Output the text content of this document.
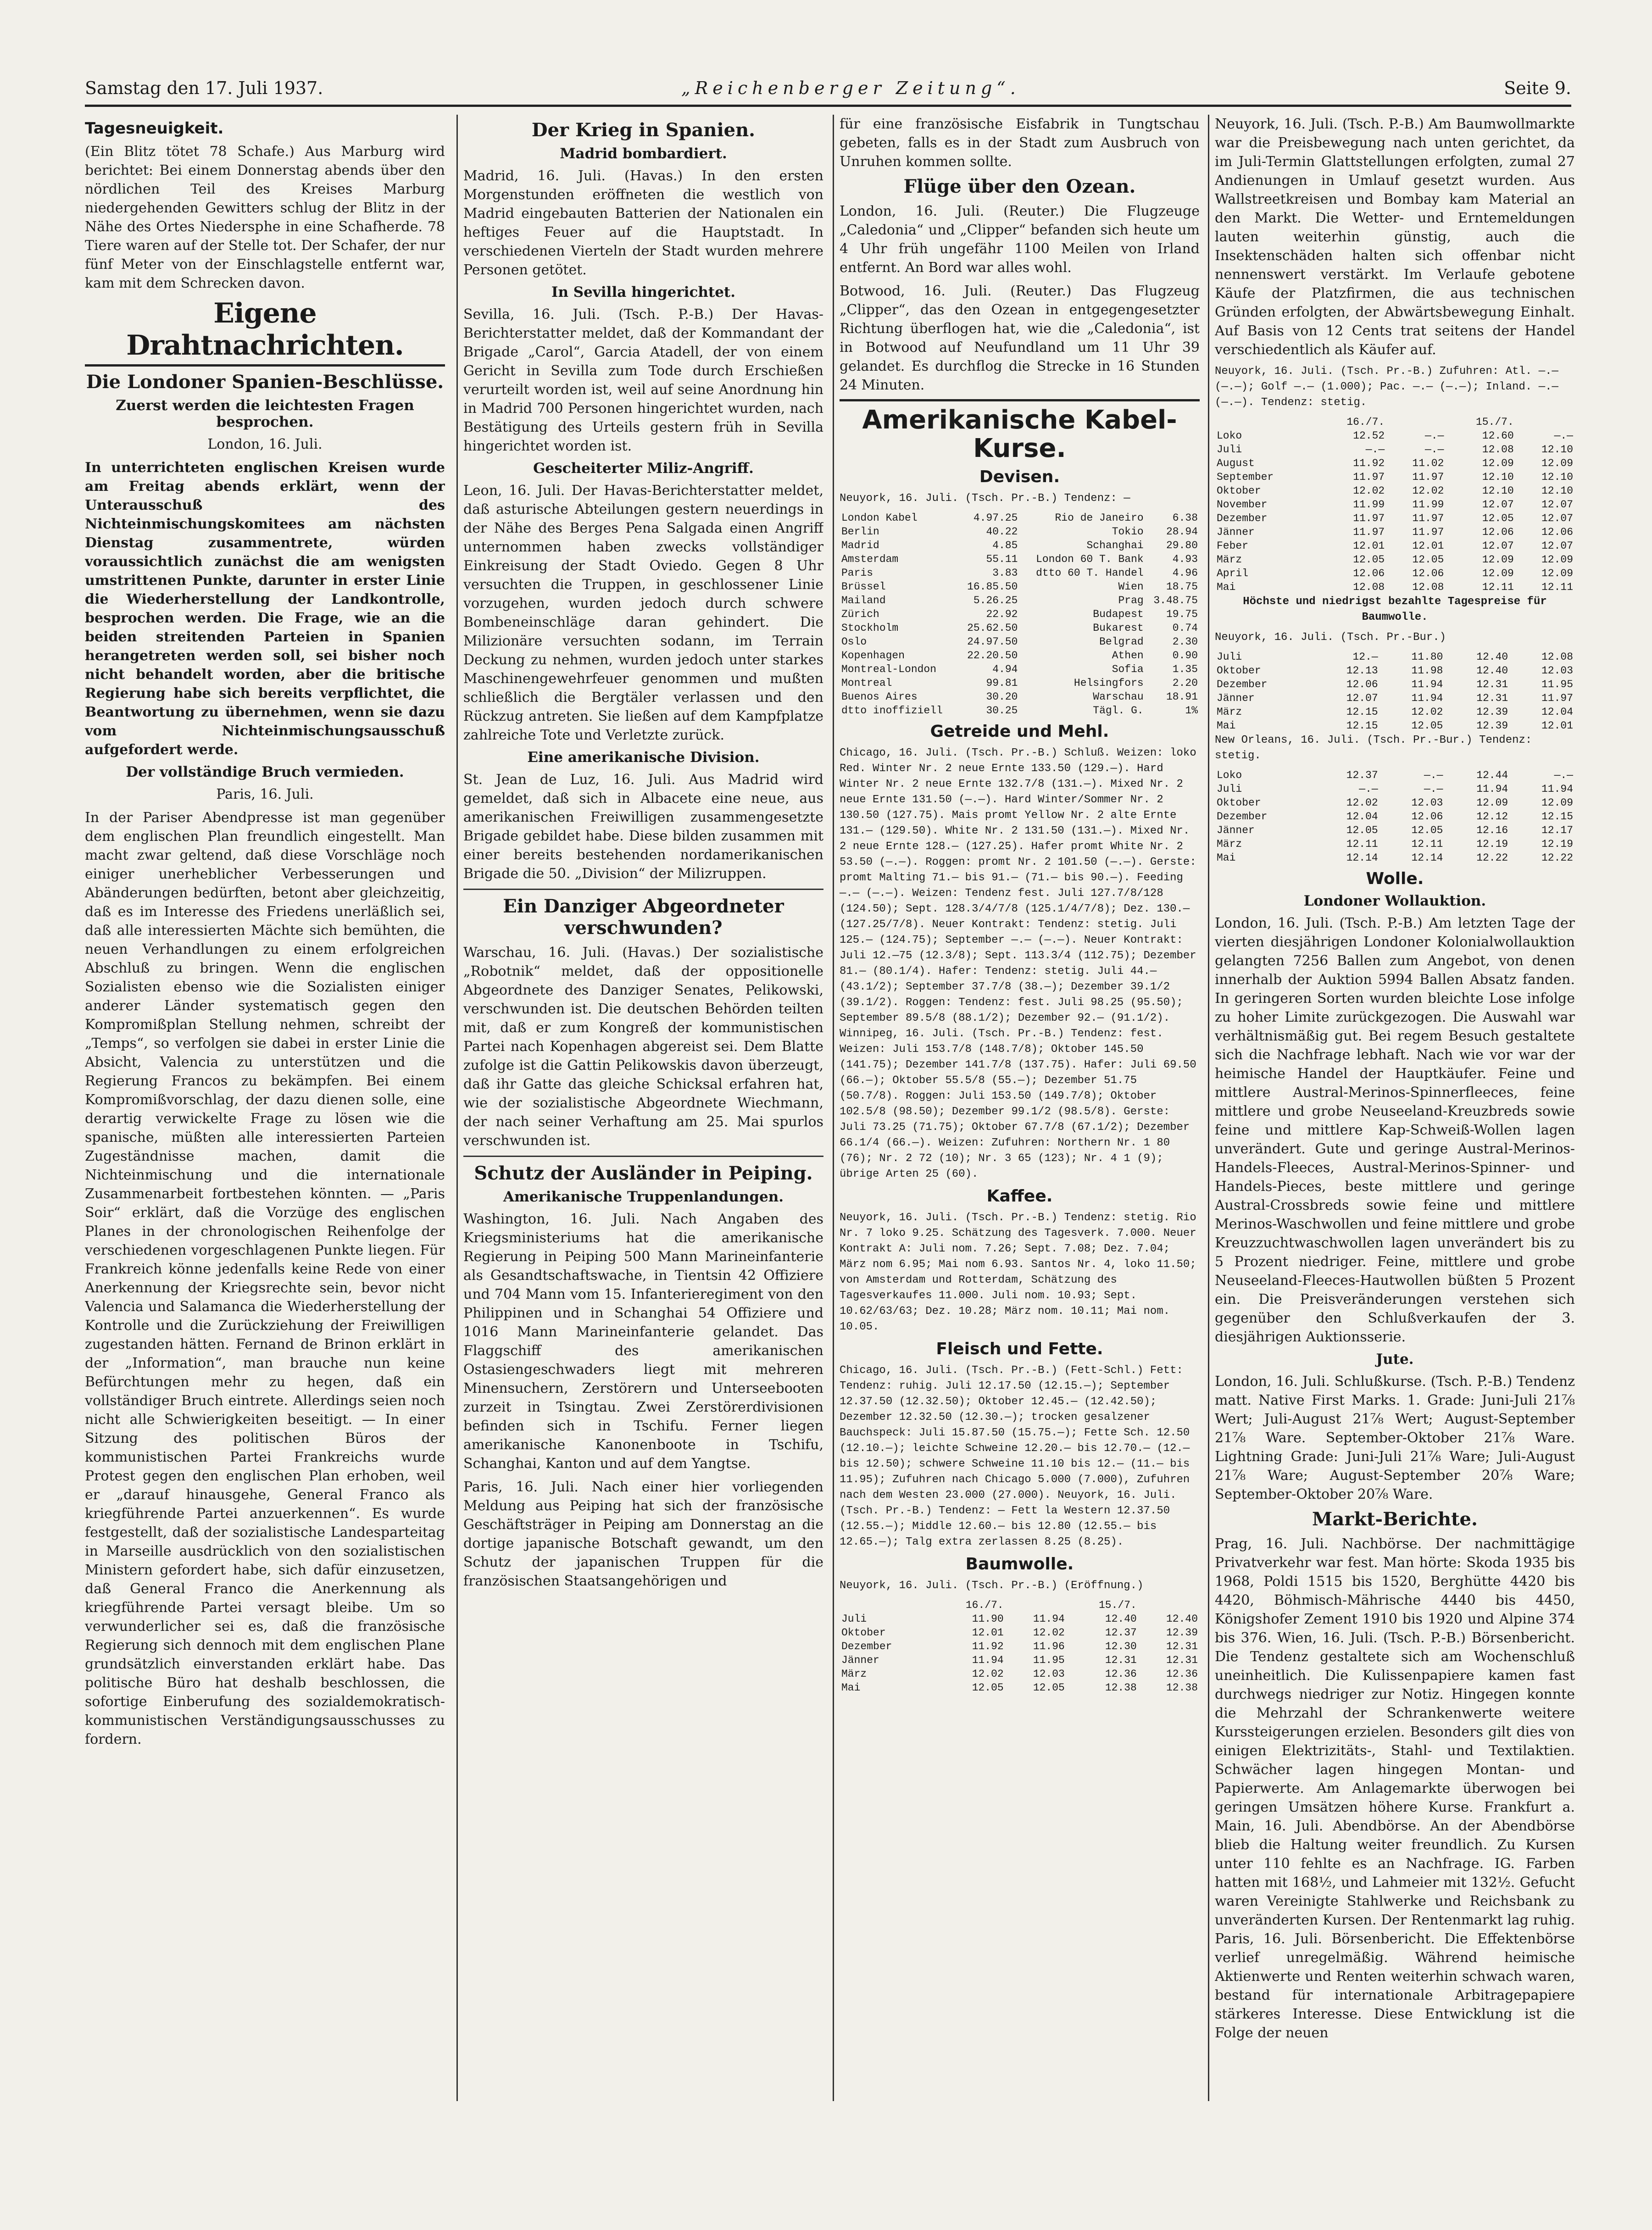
Samstag den 17. Juli 1937.	„Reichenberger Zeitung“.	Seite 9.
Tagesneuigkeit.

(Ein Blitz tötet 78 Schafe.) Aus Marburg wird berichtet: Bei einem Donnerstag abends über den nördlichen Teil des Kreises Marburg niedergehenden Gewitters schlug der Blitz in der Nähe des Ortes Niedersphe in eine Schafherde. 78 Tiere waren auf der Stelle tot. Der Schafer, der nur fünf Meter von der Einschlagstelle entfernt war, kam mit dem Schrecken davon.

Eigene Drahtnachrichten.
Die Londoner Spanien-Beschlüsse.
Zuerst werden die leichtesten Fragen besprochen.

London, 16. Juli.

In unterrichteten englischen Kreisen wurde am Freitag abends erklärt, wenn der Unterausschuß des Nichteinmischungskomitees am nächsten Dienstag zusammentrete, würden voraussichtlich zunächst die am wenigsten umstrittenen Punkte, darunter in erster Linie die Wiederherstellung der Landkontrolle, besprochen werden. Die Frage, wie an die beiden streitenden Parteien in Spanien herangetreten werden soll, sei bisher noch nicht behandelt worden, aber die britische Regierung habe sich bereits verpflichtet, die Beantwortung zu übernehmen, wenn sie dazu vom Nichteinmischungsausschuß aufgefordert werde.

Der vollständige Bruch vermieden.

Paris, 16. Juli.

In der Pariser Abendpresse ist man gegenüber dem englischen Plan freundlich eingestellt. Man macht zwar geltend, daß diese Vorschläge noch einiger unerheblicher Verbesserungen und Abänderungen bedürften, betont aber gleichzeitig, daß es im Interesse des Friedens unerläßlich sei, daß alle interessierten Mächte sich bemühten, die neuen Verhandlungen zu einem erfolgreichen Abschluß zu bringen. Wenn die englischen Sozialisten ebenso wie die Sozialisten einiger anderer Länder systematisch gegen den Kompromißplan Stellung nehmen, schreibt der „Temps“, so verfolgen sie dabei in erster Linie die Absicht, Valencia zu unterstützen und die Regierung Francos zu bekämpfen. Bei einem Kompromißvorschlag, der dazu dienen solle, eine derartig verwickelte Frage zu lösen wie die spanische, müßten alle interessierten Parteien Zugeständnisse machen, damit die Nichteinmischung und die internationale Zusammenarbeit fortbestehen könnten. — „Paris Soir“ erklärt, daß die Vorzüge des englischen Planes in der chronologischen Reihenfolge der verschiedenen vorgeschlagenen Punkte liegen. Für Frankreich könne jedenfalls keine Rede von einer Anerkennung der Kriegsrechte sein, bevor nicht Valencia und Salamanca die Wiederherstellung der Kontrolle und die Zurückziehung der Freiwilligen zugestanden hätten. Fernand de Brinon erklärt in der „Information“, man brauche nun keine Befürchtungen mehr zu hegen, daß ein vollständiger Bruch eintrete. Allerdings seien noch nicht alle Schwierigkeiten beseitigt. — In einer Sitzung des politischen Büros der kommunistischen Partei Frankreichs wurde Protest gegen den englischen Plan erhoben, weil er „darauf hinausgehe, General Franco als kriegführende Partei anzuerkennen“. Es wurde festgestellt, daß der sozialistische Landesparteitag in Marseille ausdrücklich von den sozialistischen Ministern gefordert habe, sich dafür einzusetzen, daß General Franco die Anerkennung als kriegführende Partei versagt bleibe. Um so verwunderlicher sei es, daß die französische Regierung sich dennoch mit dem englischen Plane grundsätzlich einverstanden erklärt habe. Das politische Büro hat deshalb beschlossen, die sofortige Einberufung des sozialdemokratisch-kommunistischen Verständigungsausschusses zu fordern.

Der Krieg in Spanien.
Madrid bombardiert.

Madrid, 16. Juli. (Havas.) In den ersten Morgenstunden eröffneten die westlich von Madrid eingebauten Batterien der Nationalen ein heftiges Feuer auf die Hauptstadt. In verschiedenen Vierteln der Stadt wurden mehrere Personen getötet.

In Sevilla hingerichtet.

Sevilla, 16. Juli. (Tsch. P.-B.) Der Havas-Berichterstatter meldet, daß der Kommandant der Brigade „Carol“, Garcia Atadell, der von einem Gericht in Sevilla zum Tode durch Erschießen verurteilt worden ist, weil auf seine Anordnung hin in Madrid 700 Personen hingerichtet wurden, nach Bestätigung des Urteils gestern früh in Sevilla hingerichtet worden ist.

Gescheiterter Miliz-Angriff.

Leon, 16. Juli. Der Havas-Berichterstatter meldet, daß asturische Abteilungen gestern neuerdings in der Nähe des Berges Pena Salgada einen Angriff unternommen haben zwecks vollständiger Einkreisung der Stadt Oviedo. Gegen 8 Uhr versuchten die Truppen, in geschlossener Linie vorzugehen, wurden jedoch durch schwere Bombeneinschläge daran gehindert. Die Milizionäre versuchten sodann, im Terrain Deckung zu nehmen, wurden jedoch unter starkes Maschinengewehrfeuer genommen und mußten schließlich die Bergtäler verlassen und den Rückzug antreten. Sie ließen auf dem Kampfplatze zahlreiche Tote und Verletzte zurück.

Eine amerikanische Division.

St. Jean de Luz, 16. Juli. Aus Madrid wird gemeldet, daß sich in Albacete eine neue, aus amerikanischen Freiwilligen zusammengesetzte Brigade gebildet habe. Diese bilden zusammen mit einer bereits bestehenden nordamerikanischen Brigade die 50. „Division“ der Milizruppen.

Ein Danziger Abgeordneter verschwunden?

Warschau, 16. Juli. (Havas.) Der sozialistische „Robotnik“ meldet, daß der oppositionelle Abgeordnete des Danziger Senates, Pelikowski, verschwunden ist. Die deutschen Behörden teilten mit, daß er zum Kongreß der kommunistischen Partei nach Kopenhagen abgereist sei. Dem Blatte zufolge ist die Gattin Pelikowskis davon überzeugt, daß ihr Gatte das gleiche Schicksal erfahren hat, wie der sozialistische Abgeordnete Wiechmann, der nach seiner Verhaftung am 25. Mai spurlos verschwunden ist.

Schutz der Ausländer in Peiping.
Amerikanische Truppenlandungen.

Washington, 16. Juli. Nach Angaben des Kriegsministeriums hat die amerikanische Regierung in Peiping 500 Mann Marineinfanterie als Gesandtschaftswache, in Tientsin 42 Offiziere und 704 Mann vom 15. Infanterieregiment von den Philippinen und in Schanghai 54 Offiziere und 1016 Mann Marineinfanterie gelandet. Das Flaggschiff des amerikanischen Ostasiengeschwaders liegt mit mehreren Minensuchern, Zerstörern und Unterseebooten zurzeit in Tsingtau. Zwei Zerstörerdivisionen befinden sich in Tschifu. Ferner liegen amerikanische Kanonenboote in Tschifu, Schanghai, Kanton und auf dem Yangtse.

Paris, 16. Juli. Nach einer hier vorliegenden Meldung aus Peiping hat sich der französische Geschäftsträger in Peiping am Donnerstag an die dortige japanische Botschaft gewandt, um den Schutz der japanischen Truppen für die französischen Staatsangehörigen und

für eine französische Eisfabrik in Tungtschau gebeten, falls es in der Stadt zum Ausbruch von Unruhen kommen sollte.

Flüge über den Ozean.

London, 16. Juli. (Reuter.) Die Flugzeuge „Caledonia“ und „Clipper“ befanden sich heute um 4 Uhr früh ungefähr 1100 Meilen von Irland entfernt. An Bord war alles wohl.

Botwood, 16. Juli. (Reuter.) Das Flugzeug „Clipper“, das den Ozean in entgegengesetzter Richtung überflogen hat, wie die „Caledonia“, ist in Botwood auf Neufundland um 11 Uhr 39 gelandet. Es durchflog die Strecke in 16 Stunden 24 Minuten.

Amerikanische Kabel-Kurse.
Devisen.

Neuyork, 16. Juli. (Tsch. Pr.-B.) Tendenz: —

London Kabel	4.97.25	Rio de Janeiro	6.38
Berlin	40.22	Tokio	28.94
Madrid	4.85	Schanghai	29.80
Amsterdam	55.11	London 60 T. Bank	4.93
Paris	3.83	dtto 60 T. Handel	4.96
Brüssel	16.85.50	Wien	18.75
Mailand	5.26.25	Prag	3.48.75
Zürich	22.92	Budapest	19.75
Stockholm	25.62.50	Bukarest	0.74
Oslo	24.97.50	Belgrad	2.30
Kopenhagen	22.20.50	Athen	0.90
Montreal-London	4.94	Sofia	1.35
Montreal	99.81	Helsingfors	2.20
Buenos Aires	30.20	Warschau	18.91
dtto inoffiziell	30.25	Tägl. G.	1%
Getreide und Mehl.

Chicago, 16. Juli. (Tsch. Pr.-B.) Schluß. Weizen: loko Red. Winter Nr. 2 neue Ernte 133.50 (129.—). Hard Winter Nr. 2 neue Ernte 132.7/8 (131.—). Mixed Nr. 2 neue Ernte 131.50 (—.—). Hard Winter/Sommer Nr. 2 130.50 (127.75). Mais promt Yellow Nr. 2 alte Ernte 131.— (129.50). White Nr. 2 131.50 (131.—). Mixed Nr. 2 neue Ernte 128.— (127.25). Hafer promt White Nr. 2 53.50 (—.—). Roggen: promt Nr. 2 101.50 (—.—). Gerste: promt Malting 71.— bis 91.— (71.— bis 90.—). Feeding —.— (—.—). Weizen: Tendenz fest. Juli 127.7/8/128 (124.50); Sept. 128.3/4/7/8 (125.1/4/7/8); Dez. 130.— (127.25/7/8). Neuer Kontrakt: Tendenz: stetig. Juli 125.— (124.75); September —.— (—.—). Neuer Kontrakt: Juli 12.—75 (12.3/8); Sept. 113.3/4 (112.75); Dezember 81.— (80.1/4). Hafer: Tendenz: stetig. Juli 44.— (43.1/2); September 37.7/8 (38.—); Dezember 39.1/2 (39.1/2). Roggen: Tendenz: fest. Juli 98.25 (95.50); September 89.5/8 (88.1/2); Dezember 92.— (91.1/2). Winnipeg, 16. Juli. (Tsch. Pr.-B.) Tendenz: fest. Weizen: Juli 153.7/8 (148.7/8); Oktober 145.50 (141.75); Dezember 141.7/8 (137.75). Hafer: Juli 69.50 (66.—); Oktober 55.5/8 (55.—); Dezember 51.75 (50.7/8). Roggen: Juli 153.50 (149.7/8); Oktober 102.5/8 (98.50); Dezember 99.1/2 (98.5/8). Gerste: Juli 73.25 (71.75); Oktober 67.7/8 (67.1/2); Dezember 66.1/4 (66.—). Weizen: Zufuhren: Northern Nr. 1 80 (76); Nr. 2 72 (10); Nr. 3 65 (123); Nr. 4 1 (9); übrige Arten 25 (60).

Kaffee.

Neuyork, 16. Juli. (Tsch. Pr.-B.) Tendenz: stetig. Rio Nr. 7 loko 9.25. Schätzung des Tagesverk. 7.000. Neuer Kontrakt A: Juli nom. 7.26; Sept. 7.08; Dez. 7.04; März nom 6.95; Mai nom 6.93. Santos Nr. 4, loko 11.50; von Amsterdam und Rotterdam, Schätzung des Tagesverkaufes 11.000. Juli nom. 10.93; Sept. 10.62/63/63; Dez. 10.28; März nom. 10.11; Mai nom. 10.05.

Fleisch und Fette.

Chicago, 16. Juli. (Tsch. Pr.-B.) (Fett-Schl.) Fett: Tendenz: ruhig. Juli 12.17.50 (12.15.—); September 12.37.50 (12.32.50); Oktober 12.45.— (12.42.50); Dezember 12.32.50 (12.30.—); trocken gesalzener Bauchspeck: Juli 15.87.50 (15.75.—); Fette Sch. 12.50 (12.10.—); leichte Schweine 12.20.— bis 12.70.— (12.— bis 12.50); schwere Schweine 11.10 bis 12.— (11.— bis 11.95); Zufuhren nach Chicago 5.000 (7.000), Zufuhren nach dem Westen 23.000 (27.000). Neuyork, 16. Juli. (Tsch. Pr.-B.) Tendenz: — Fett la Western 12.37.50 (12.55.—); Middle 12.60.— bis 12.80 (12.55.— bis 12.65.—); Talg extra zerlassen 8.25 (8.25).

Baumwolle.

Neuyork, 16. Juli. (Tsch. Pr.-B.) (Eröffnung.)

	16./7.		15./7.	
Juli	11.90	11.94	12.40	12.40
Oktober	12.01	12.02	12.37	12.39
Dezember	11.92	11.96	12.30	12.31
Jänner	11.94	11.95	12.31	12.31
März	12.02	12.03	12.36	12.36
Mai	12.05	12.05	12.38	12.38

Neuyork, 16. Juli. (Tsch. P.-B.) Am Baumwollmarkte war die Preisbewegung nach unten gerichtet, da im Juli-Termin Glattstellungen erfolgten, zumal 27 Andienungen in Umlauf gesetzt wurden. Aus Wallstreetkreisen und Bombay kam Material an den Markt. Die Wetter- und Erntemeldungen lauten weiterhin günstig, auch die Insektenschäden halten sich offenbar nicht nennenswert verstärkt. Im Verlaufe gebotene Käufe der Platzfirmen, die aus technischen Gründen erfolgten, der Abwärtsbewegung Einhalt. Auf Basis von 12 Cents trat seitens der Handel verschiedentlich als Käufer auf.

Neuyork, 16. Juli. (Tsch. Pr.-B.) Zufuhren: Atl. —.— (—.—); Golf —.— (1.000); Pac. —.— (—.—); Inland. —.— (—.—). Tendenz: stetig.

	16./7.		15./7.	
Loko	12.52	—.—	12.60	—.—
Juli	—.—	—.—	12.08	12.10
August	11.92	11.02	12.09	12.09
September	11.97	11.97	12.10	12.10
Oktober	12.02	12.02	12.10	12.10
November	11.99	11.99	12.07	12.07
Dezember	11.97	11.97	12.05	12.07
Jänner	11.97	11.97	12.06	12.06
Feber	12.01	12.01	12.07	12.07
März	12.05	12.05	12.09	12.09
April	12.06	12.06	12.09	12.09
Mai	12.08	12.08	12.11	12.11

Höchste und niedrigst bezahlte Tagespreise für Baumwolle.

Neuyork, 16. Juli. (Tsch. Pr.-Bur.)

Juli	12.—	11.80	12.40	12.08
Oktober	12.13	11.98	12.40	12.03
Dezember	12.06	11.94	12.31	11.95
Jänner	12.07	11.94	12.31	11.97
März	12.15	12.02	12.39	12.04
Mai	12.15	12.05	12.39	12.01

New Orleans, 16. Juli. (Tsch. Pr.-Bur.) Tendenz: stetig.

Loko	12.37	—.—	12.44	—.—
Juli	—.—	—.—	11.94	11.94
Oktober	12.02	12.03	12.09	12.09
Dezember	12.04	12.06	12.12	12.15
Jänner	12.05	12.05	12.16	12.17
März	12.11	12.11	12.19	12.19
Mai	12.14	12.14	12.22	12.22
Wolle.
Londoner Wollauktion.

London, 16. Juli. (Tsch. P.-B.) Am letzten Tage der vierten diesjährigen Londoner Kolonialwollauktion gelangten 7256 Ballen zum Angebot, von denen innerhalb der Auktion 5994 Ballen Absatz fanden. In geringeren Sorten wurden bleichte Lose infolge zu hoher Limite zurückgezogen. Die Auswahl war verhältnismäßig gut. Bei regem Besuch gestaltete sich die Nachfrage lebhaft. Nach wie vor war der heimische Handel der Hauptkäufer. Feine und mittlere Austral-Merinos-Spinnerfleeces, feine mittlere und grobe Neuseeland-Kreuzbreds sowie feine und mittlere Kap-Schweiß-Wollen lagen unverändert. Gute und geringe Austral-Merinos-Handels-Fleeces, Austral-Merinos-Spinner- und Handels-Pieces, beste mittlere und geringe Austral-Crossbreds sowie feine und mittlere Merinos-Waschwollen und feine mittlere und grobe Kreuzzuchtwaschwollen lagen unverändert bis zu 5 Prozent niedriger. Feine, mittlere und grobe Neuseeland-Fleeces-Hautwollen büßten 5 Prozent ein. Die Preisveränderungen verstehen sich gegenüber den Schlußverkaufen der 3. diesjährigen Auktionsserie.

Jute.

London, 16. Juli. Schlußkurse. (Tsch. P.-B.) Tendenz matt. Native First Marks. 1. Grade: Juni-Juli 21⅞ Wert; Juli-August 21⅞ Wert; August-September 21⅞ Ware. September-Oktober 21⅞ Ware. Lightning Grade: Juni-Juli 21⅞ Ware; Juli-August 21⅞ Ware; August-September 20⅞ Ware; September-Oktober 20⅞ Ware.

Markt-Berichte.

Prag, 16. Juli. Nachbörse. Der nachmittägige Privatverkehr war fest. Man hörte: Skoda 1935 bis 1968, Poldi 1515 bis 1520, Berghütte 4420 bis 4420, Böhmisch-Mährische 4440 bis 4450, Königshofer Zement 1910 bis 1920 und Alpine 374 bis 376. Wien, 16. Juli. (Tsch. P.-B.) Börsenbericht. Die Tendenz gestaltete sich am Wochenschluß uneinheitlich. Die Kulissenpapiere kamen fast durchwegs niedriger zur Notiz. Hingegen konnte die Mehrzahl der Schrankenwerte weitere Kurssteigerungen erzielen. Besonders gilt dies von einigen Elektrizitäts-, Stahl- und Textilaktien. Schwächer lagen hingegen Montan- und Papierwerte. Am Anlagemarkte überwogen bei geringen Umsätzen höhere Kurse. Frankfurt a. Main, 16. Juli. Abendbörse. An der Abendbörse blieb die Haltung weiter freundlich. Zu Kursen unter 110 fehlte es an Nachfrage. IG. Farben hatten mit 168½, und Lahmeier mit 132½. Gefucht waren Vereinigte Stahlwerke und Reichsbank zu unveränderten Kursen. Der Rentenmarkt lag ruhig. Paris, 16. Juli. Börsenbericht. Die Effektenbörse verlief unregelmäßig. Während heimische Aktienwerte und Renten weiterhin schwach waren, bestand für internationale Arbitragepapiere stärkeres Interesse. Diese Entwicklung ist die Folge der neuen
